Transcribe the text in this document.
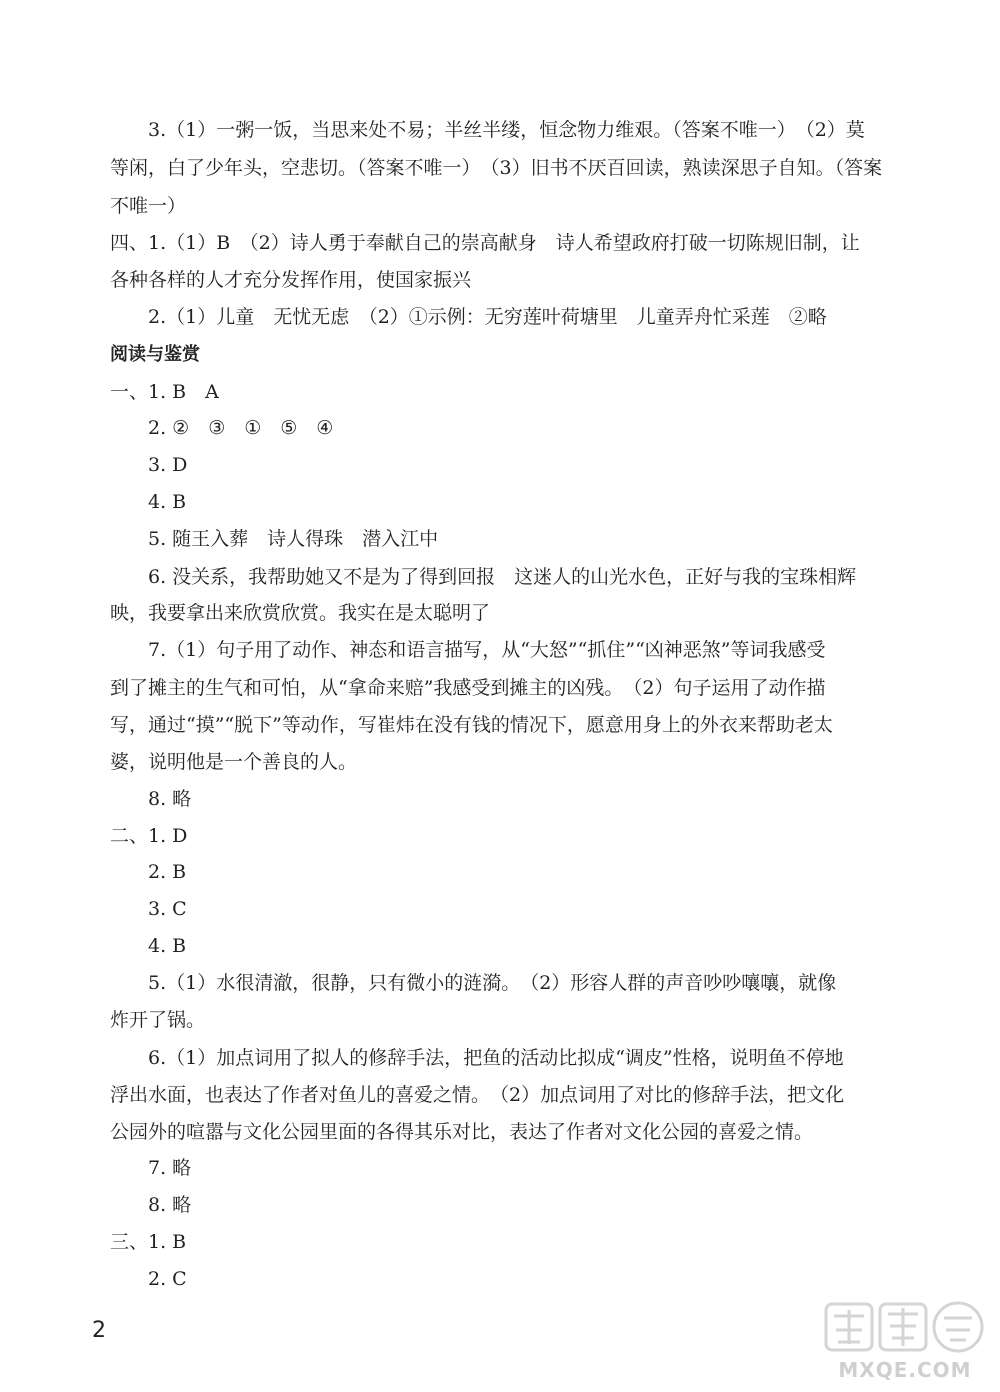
3.（1）一粥一饭，当思来处不易；半丝半缕，恒念物力维艰。（答案不唯一）　（2）莫
等闲，白了少年头，空悲切。（答案不唯一）　（3）旧书不厌百回读，熟读深思子自知。（答案
不唯一）
四、1.（1）B　（2）诗人勇于奉献自己的崇高献身　诗人希望政府打破一切陈规旧制，让
各种各样的人才充分发挥作用，使国家振兴
2.（1）儿童　无忧无虑　（2）①示例：无穷莲叶荷塘里　儿童弄舟忙采莲　②略
阅读与鉴赏
一、1. B　A
2. ②　③　①　⑤　④
3. D
4. B
5. 随王入葬　诗人得珠　潜入江中
6. 没关系，我帮助她又不是为了得到回报　这迷人的山光水色，正好与我的宝珠相辉
映，我要拿出来欣赏欣赏。我实在是太聪明了
7.（1）句子用了动作、神态和语言描写，从“大怒”“抓住”“凶神恶煞”等词我感受
到了摊主的生气和可怕，从“拿命来赔”我感受到摊主的凶残。　（2）句子运用了动作描
写，通过“摸”“脱下”等动作，写崔炜在没有钱的情况下，愿意用身上的外衣来帮助老太
婆，说明他是一个善良的人。
8. 略
二、1. D
2. B
3. C
4. B
5.（1）水很清澈，很静，只有微小的涟漪。　（2）形容人群的声音吵吵嚷嚷，就像
炸开了锅。
6.（1）加点词用了拟人的修辞手法，把鱼的活动比拟成“调皮”性格，说明鱼不停地
浮出水面，也表达了作者对鱼儿的喜爱之情。　（2）加点词用了对比的修辞手法，把文化
公园外的喧嚣与文化公园里面的各得其乐对比，表达了作者对文化公园的喜爱之情。
7. 略
8. 略
三、1. B
2. C
2
MXQE.COM
